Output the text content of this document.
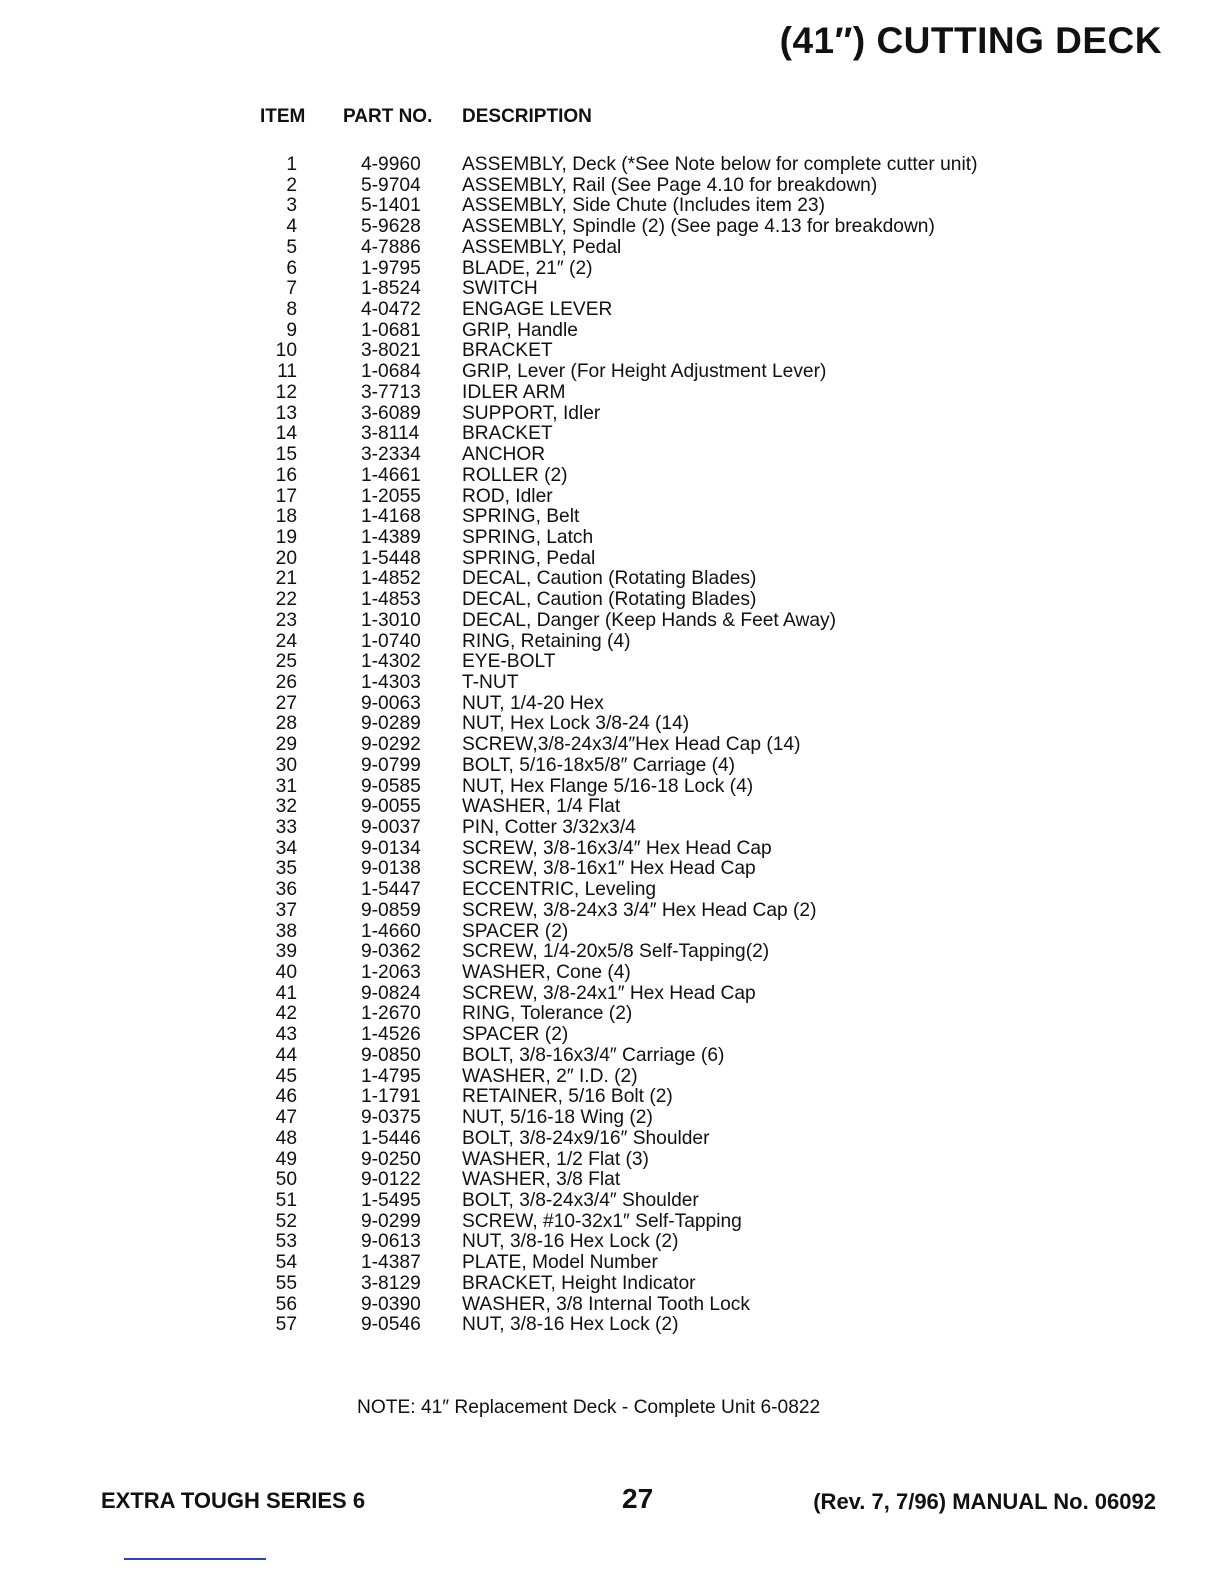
(41″) CUTTING DECK
ITEM PART NO. DESCRIPTION
1	4-9960 ASSEMBLY, Deck (*See Note below for complete cutter unit)
2	5-9704 ASSEMBLY, Rail (See Page 4.10 for breakdown)
3	5-1401 ASSEMBLY, Side Chute (Includes item 23)
4	5-9628 ASSEMBLY, Spindle (2) (See page 4.13 for breakdown)
5	4-7886 ASSEMBLY, Pedal
6	1-9795 BLADE, 21″ (2)
7	1-8524 SWITCH
8	4-0472 ENGAGE LEVER
9	1-0681 GRIP, Handle
10	3-8021 BRACKET
11	1-0684 GRIP, Lever (For Height Adjustment Lever)
12	3-7713 IDLER ARM
13	3-6089 SUPPORT, Idler
14	3-8114 BRACKET
15	3-2334 ANCHOR
16	1-4661 ROLLER (2)
17	1-2055 ROD, Idler
18	1-4168 SPRING, Belt
19	1-4389 SPRING, Latch
20	1-5448 SPRING, Pedal
21	1-4852 DECAL, Caution (Rotating Blades)
22	1-4853 DECAL, Caution (Rotating Blades)
23	1-3010 DECAL, Danger (Keep Hands & Feet Away)
24	1-0740 RING, Retaining (4)
25	1-4302 EYE-BOLT
26	1-4303 T-NUT
27	9-0063 NUT, 1/4-20 Hex
28	9-0289 NUT, Hex Lock 3/8-24 (14)
29	9-0292 SCREW,3/8-24x3/4″Hex Head Cap (14)
30	9-0799 BOLT, 5/16-18x5/8″ Carriage (4)
31	9-0585 NUT, Hex Flange 5/16-18 Lock (4)
32	9-0055 WASHER, 1/4 Flat
33	9-0037 PIN, Cotter 3/32x3/4
34	9-0134 SCREW, 3/8-16x3/4″ Hex Head Cap
35	9-0138 SCREW, 3/8-16x1″ Hex Head Cap
36	1-5447 ECCENTRIC, Leveling
37	9-0859 SCREW, 3/8-24x3 3/4″ Hex Head Cap (2)
38	1-4660 SPACER (2)
39	9-0362 SCREW, 1/4-20x5/8 Self-Tapping(2)
40	1-2063 WASHER, Cone (4)
41	9-0824 SCREW, 3/8-24x1″ Hex Head Cap
42	1-2670 RING, Tolerance (2)
43	1-4526 SPACER (2)
44	9-0850 BOLT, 3/8-16x3/4″ Carriage (6)
45	1-4795 WASHER, 2″ I.D. (2)
46	1-1791 RETAINER, 5/16 Bolt (2)
47	9-0375 NUT, 5/16-18 Wing (2)
48	1-5446 BOLT, 3/8-24x9/16″ Shoulder
49	9-0250 WASHER, 1/2 Flat (3)
50	9-0122 WASHER, 3/8 Flat
51	1-5495 BOLT, 3/8-24x3/4″ Shoulder
52	9-0299 SCREW, #10-32x1″ Self-Tapping
53	9-0613 NUT, 3/8-16 Hex Lock (2)
54	1-4387 PLATE, Model Number
55	3-8129 BRACKET, Height Indicator
56	9-0390 WASHER, 3/8 Internal Tooth Lock
57	9-0546 NUT, 3/8-16 Hex Lock (2)
NOTE: 41″ Replacement Deck - Complete Unit 6-0822
EXTRA TOUGH SERIES 6	27	(Rev. 7, 7/96) MANUAL No. 06092
